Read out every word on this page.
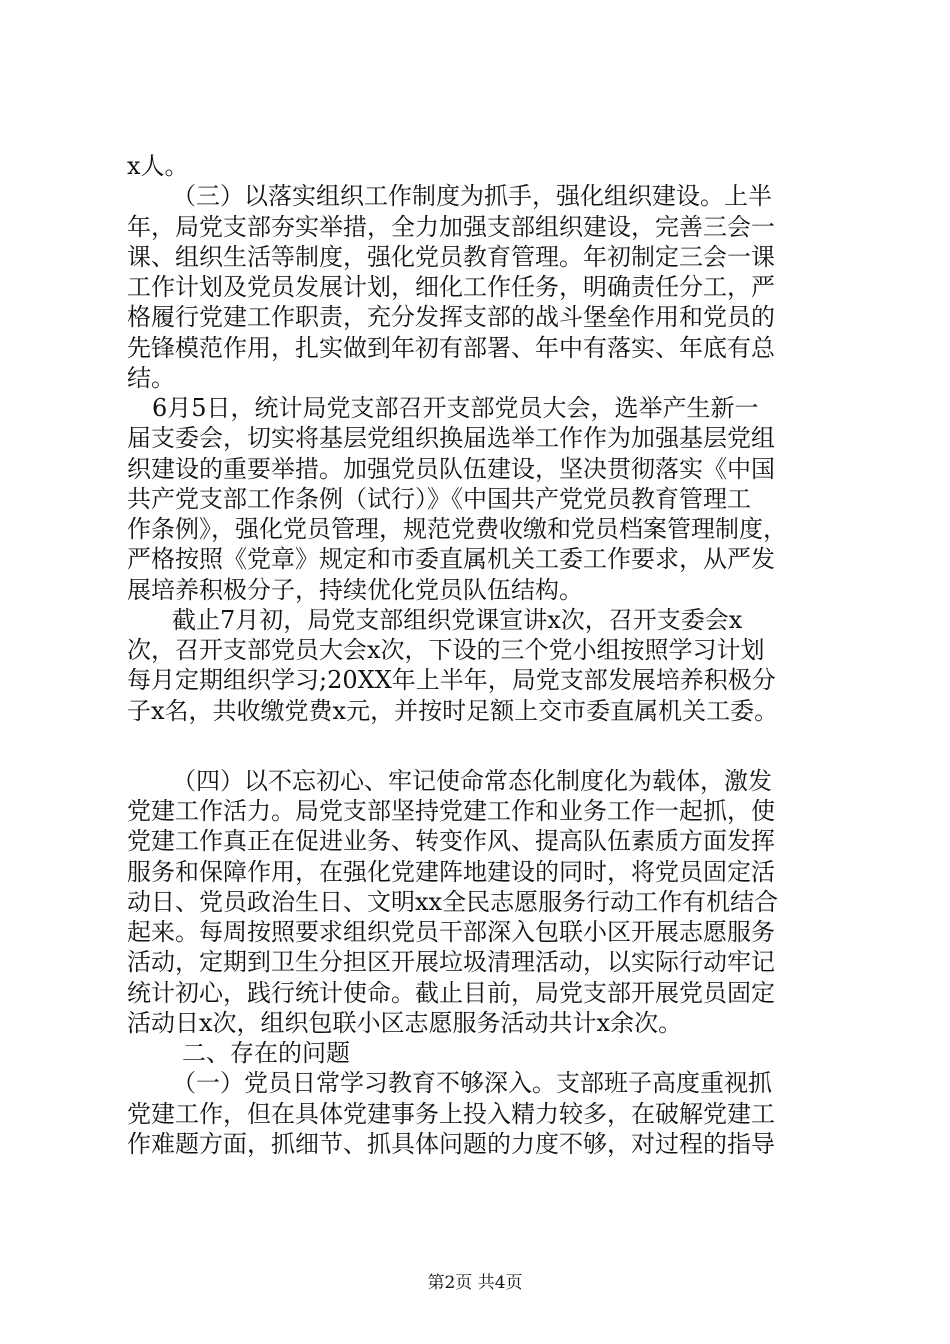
x人。
（三）以落实组织工作制度为抓手，强化组织建设。上半
年，局党支部夯实举措，全力加强支部组织建设，完善三会一
课、组织生活等制度，强化党员教育管理。年初制定三会一课
工作计划及党员发展计划，细化工作任务，明确责任分工，严
格履行党建工作职责，充分发挥支部的战斗堡垒作用和党员的
先锋模范作用，扎实做到年初有部署、年中有落实、年底有总
结。
6月5日，统计局党支部召开支部党员大会，选举产生新一
届支委会，切实将基层党组织换届选举工作作为加强基层党组
织建设的重要举措。加强党员队伍建设，坚决贯彻落实《中国
共产党支部工作条例（试行）》《中国共产党党员教育管理工
作条例》，强化党员管理，规范党费收缴和党员档案管理制度，
严格按照《党章》规定和市委直属机关工委工作要求，从严发
展培养积极分子，持续优化党员队伍结构。
截止7月初，局党支部组织党课宣讲x次，召开支委会x
次，召开支部党员大会x次，下设的三个党小组按照学习计划
每月定期组织学习;20XX年上半年，局党支部发展培养积极分
子x名，共收缴党费x元，并按时足额上交市委直属机关工委。
（四）以不忘初心、牢记使命常态化制度化为载体，激发
党建工作活力。局党支部坚持党建工作和业务工作一起抓，使
党建工作真正在促进业务、转变作风、提高队伍素质方面发挥
服务和保障作用，在强化党建阵地建设的同时，将党员固定活
动日、党员政治生日、文明xx全民志愿服务行动工作有机结合
起来。每周按照要求组织党员干部深入包联小区开展志愿服务
活动，定期到卫生分担区开展垃圾清理活动，以实际行动牢记
统计初心，践行统计使命。截止目前，局党支部开展党员固定
活动日x次，组织包联小区志愿服务活动共计x余次。
二、存在的问题
（一）党员日常学习教育不够深入。支部班子高度重视抓
党建工作，但在具体党建事务上投入精力较多，在破解党建工
作难题方面，抓细节、抓具体问题的力度不够，对过程的指导
第2页 共4页
